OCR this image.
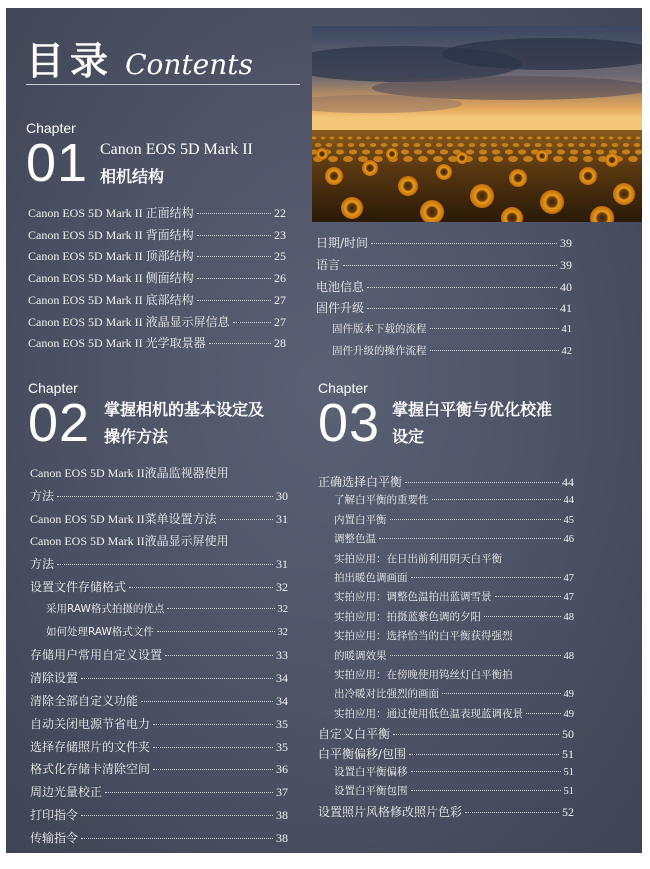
目录 Contents
Chapter
01 Canon EOS 5D Mark II
相机结构
Canon EOS 5D Mark II 正面结构	22
Canon EOS 5D Mark II 背面结构	23
Canon EOS 5D Mark II 顶部结构	25
Canon EOS 5D Mark II 侧面结构	26
Canon EOS 5D Mark II 底部结构	27
Canon EOS 5D Mark II 液晶显示屏信息	27
Canon EOS 5D Mark II 光学取景器	28
日期/时间	39
语言	39
电池信息	40
固件升级	41
固件版本下载的流程	41
固件升级的操作流程	42
Chapter
02 掌握相机的基本设定及
操作方法
Canon EOS 5D Mark II液晶监视器使用
方法	30
Canon EOS 5D Mark II菜单设置方法	31
Canon EOS 5D Mark II液晶显示屏使用
方法	31
设置文件存储格式	32
采用RAW格式拍摄的优点	32
如何处理RAW格式文件	32
存储用户常用自定义设置	33
清除设置	34
清除全部自定义功能	34
自动关闭电源节省电力	35
选择存储照片的文件夹	35
格式化存储卡清除空间	36
周边光量校正	37
打印指令	38
传输指令	38
Chapter
03 掌握白平衡与优化校准
设定
正确选择白平衡	44
了解白平衡的重要性	44
内置白平衡	45
调整色温	46
实拍应用：在日出前利用阴天白平衡
拍出暖色调画面	47
实拍应用：调整色温拍出蓝调雪景	47
实拍应用：拍摄蓝紫色调的夕阳	48
实拍应用：选择恰当的白平衡获得强烈
的暖调效果	48
实拍应用：在傍晚使用钨丝灯白平衡拍
出冷暖对比强烈的画面	49
实拍应用：通过使用低色温表现蓝调夜景	49
自定义白平衡	50
白平衡偏移/包围	51
设置白平衡偏移	51
设置白平衡包围	51
设置照片风格修改照片色彩	52
